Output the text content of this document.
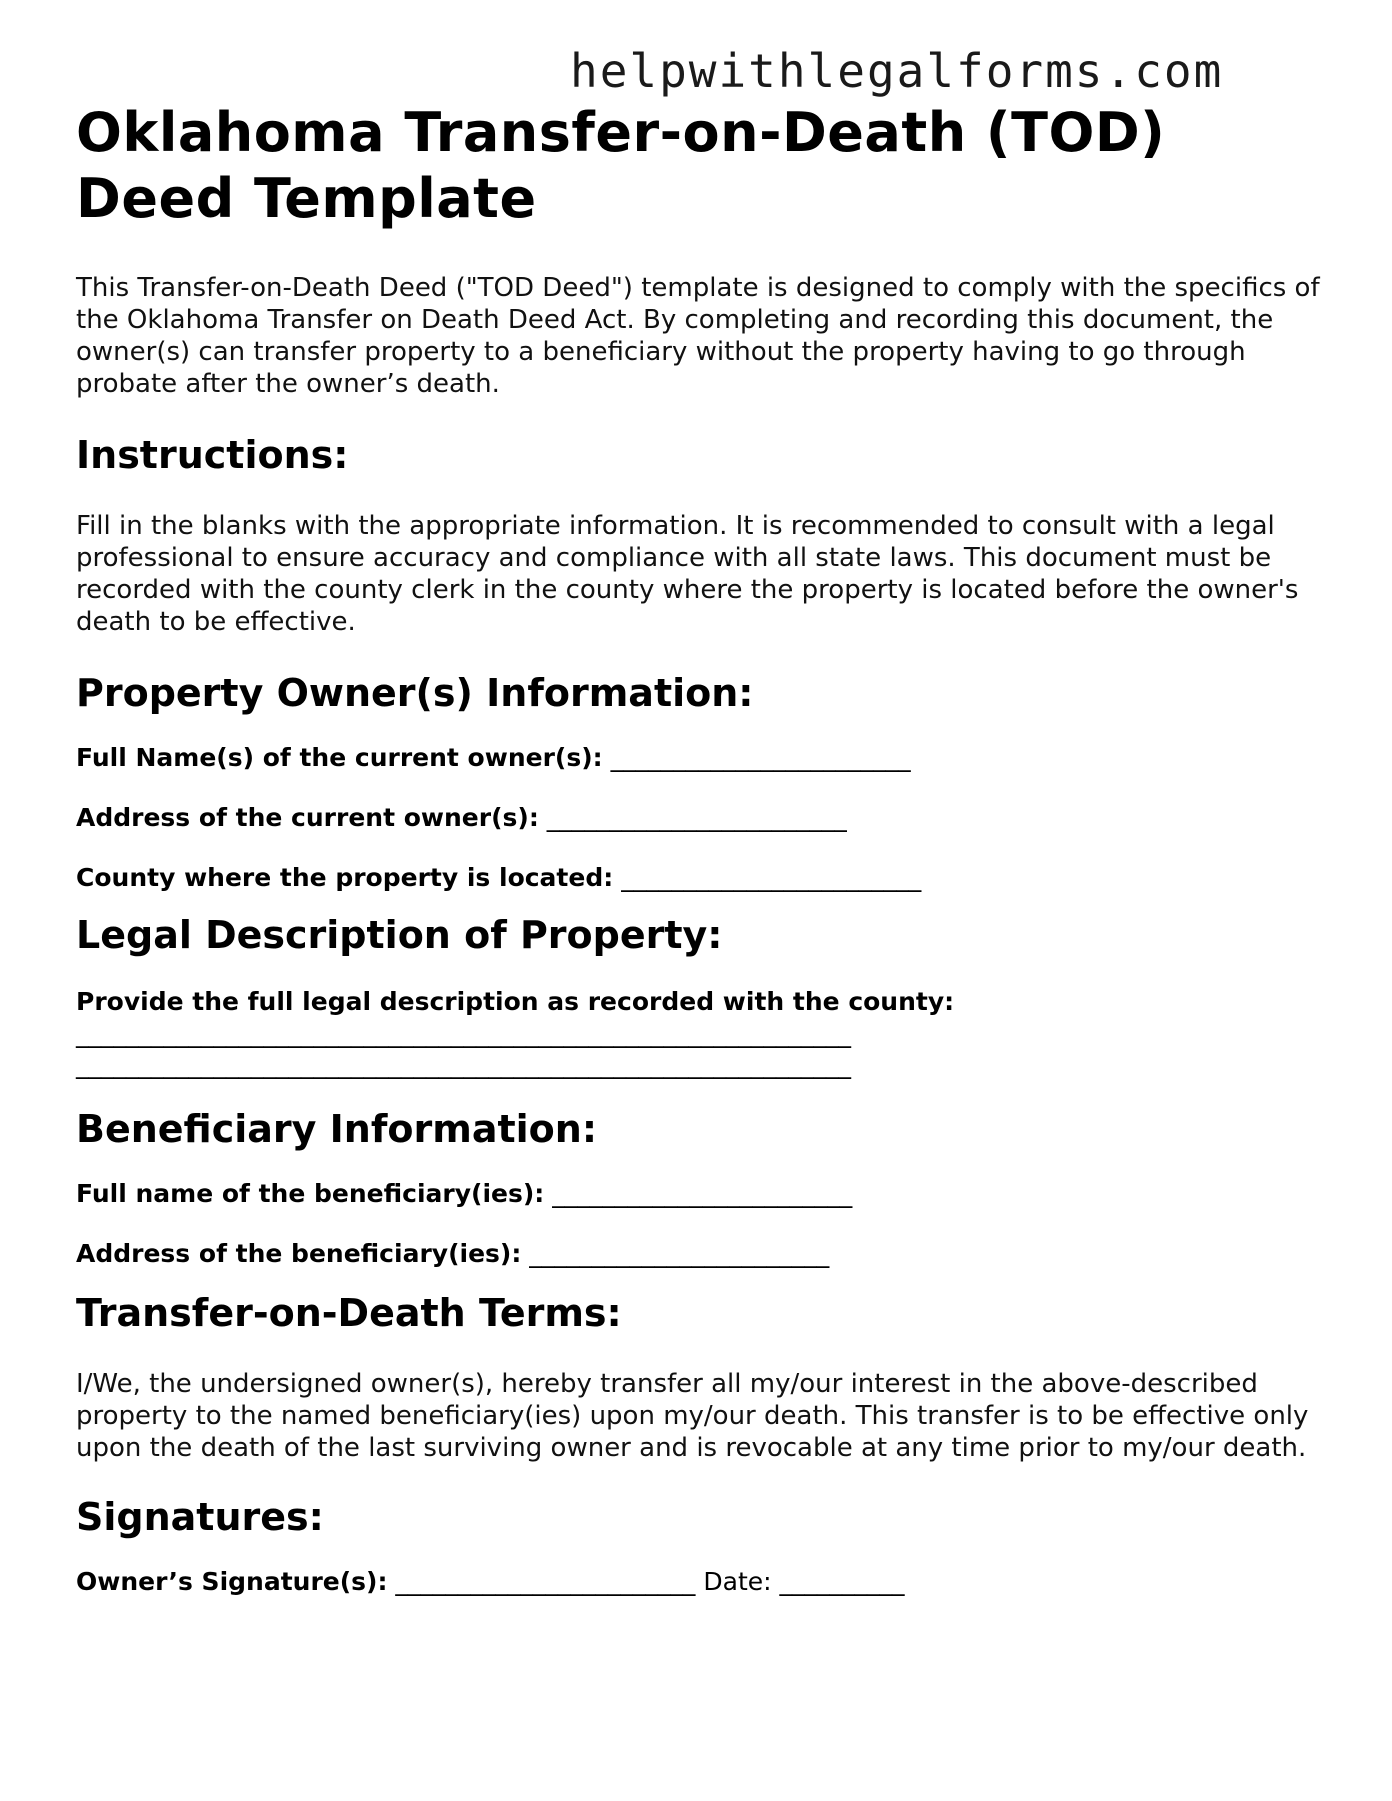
helpwithlegalforms.com
Oklahoma Transfer-on-Death (TOD) Deed Template

This Transfer-on-Death Deed ("TOD Deed") template is designed to comply with the specifics of the Oklahoma Transfer on Death Deed Act. By completing and recording this document, the owner(s) can transfer property to a beneficiary without the property having to go through probate after the owner’s death.

Instructions:

Fill in the blanks with the appropriate information. It is recommended to consult with a legal professional to ensure accuracy and compliance with all state laws. This document must be recorded with the county clerk in the county where the property is located before the owner's death to be effective.

Property Owner(s) Information:

Full Name(s) of the current owner(s): ________________________

Address of the current owner(s): ________________________

County where the property is located: ________________________

Legal Description of Property:

Provide the full legal description as recorded with the county:

______________________________________________________________

______________________________________________________________

Beneficiary Information:

Full name of the beneficiary(ies): ________________________

Address of the beneficiary(ies): ________________________

Transfer-on-Death Terms:

I/We, the undersigned owner(s), hereby transfer all my/our interest in the above-described property to the named beneficiary(ies) upon my/our death. This transfer is to be effective only upon the death of the last surviving owner and is revocable at any time prior to my/our death.

Signatures:

Owner’s Signature(s): ________________________ Date: __________
